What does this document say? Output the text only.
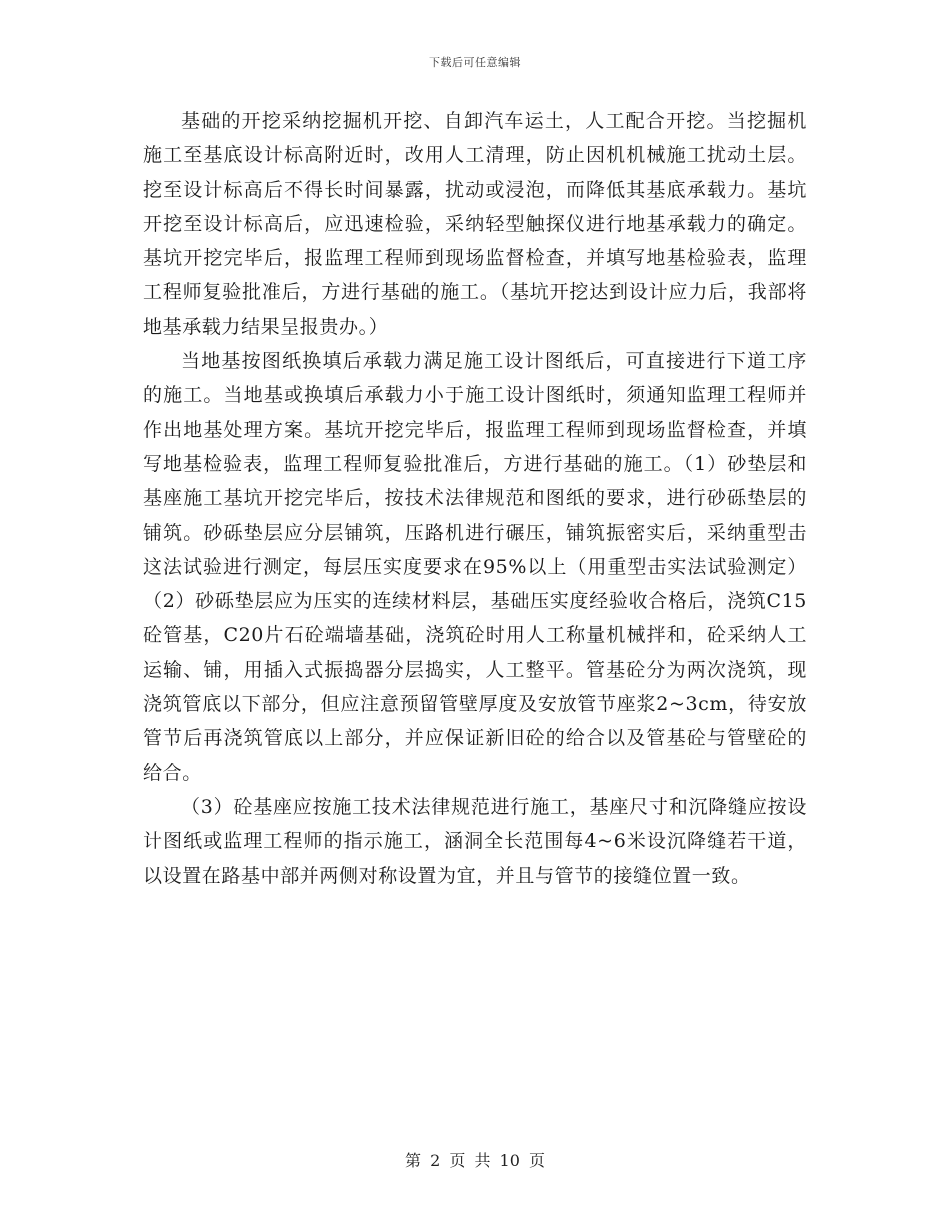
下载后可任意编辑

基础的开挖采纳挖掘机开挖、自卸汽车运土，人工配合开挖。当挖掘机施工至基底设计标高附近时，改用人工清理，防止因机机械施工扰动土层。挖至设计标高后不得长时间暴露，扰动或浸泡，而降低其基底承载力。基坑开挖至设计标高后，应迅速检验，采纳轻型触探仪进行地基承载力的确定。基坑开挖完毕后，报监理工程师到现场监督检查，并填写地基检验表，监理工程师复验批准后，方进行基础的施工。（基坑开挖达到设计应力后，我部将地基承载力结果呈报贵办。）

当地基按图纸换填后承载力满足施工设计图纸后，可直接进行下道工序的施工。当地基或换填后承载力小于施工设计图纸时，须通知监理工程师并作出地基处理方案。基坑开挖完毕后，报监理工程师到现场监督检查，并填写地基检验表，监理工程师复验批准后，方进行基础的施工。（1）砂垫层和基座施工基坑开挖完毕后，按技术法律规范和图纸的要求，进行砂砾垫层的铺筑。砂砾垫层应分层铺筑，压路机进行碾压，铺筑振密实后，采纳重型击这法试验进行测定，每层压实度要求在95%以上（用重型击实法试验测定）（2）砂砾垫层应为压实的连续材料层，基础压实度经验收合格后，浇筑C15砼管基，C20片石砼端墙基础，浇筑砼时用人工称量机械拌和，砼采纳人工运输、铺，用插入式振捣器分层捣实，人工整平。管基砼分为两次浇筑，现浇筑管底以下部分，但应注意预留管壁厚度及安放管节座浆2~3cm，待安放管节后再浇筑管底以上部分，并应保证新旧砼的给合以及管基砼与管壁砼的给合。

（3）砼基座应按施工技术法律规范进行施工，基座尺寸和沉降缝应按设计图纸或监理工程师的指示施工，涵洞全长范围每4~6米设沉降缝若干道，以设置在路基中部并两侧对称设置为宜，并且与管节的接缝位置一致。

第 2 页 共 10 页
